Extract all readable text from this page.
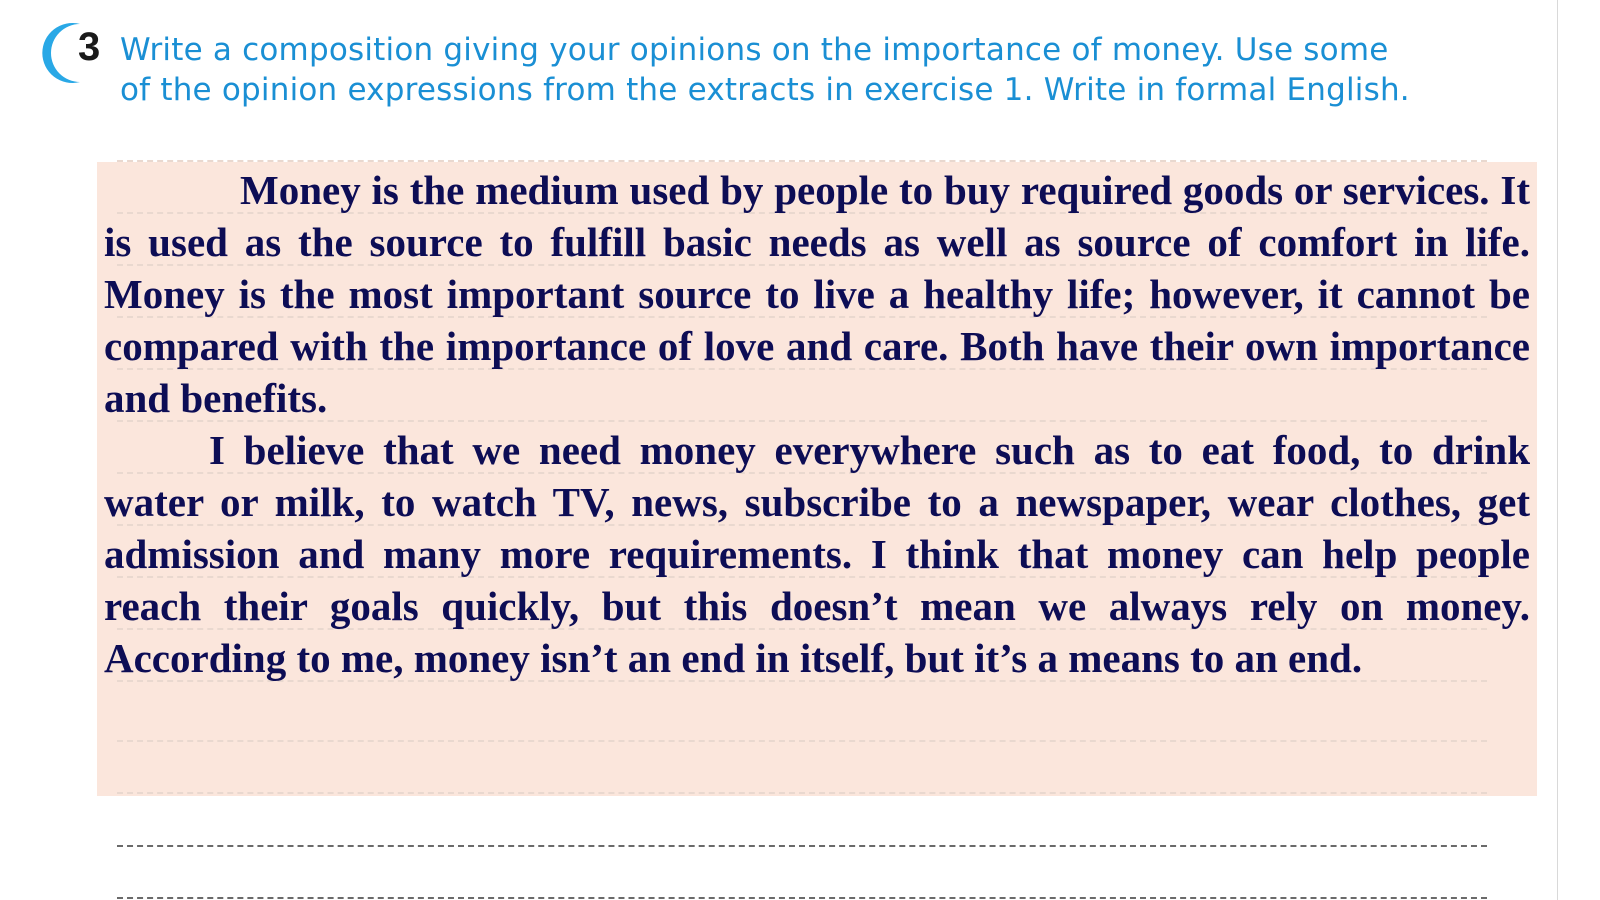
3 Write a composition giving your opinions on the importance of money. Use some
of the opinion expressions from the extracts in exercise 1. Write in formal English.

Money is the medium used by people to buy required goods or services. It is used as the source to fulfill basic needs as well as source of comfort in life. Money is the most important source to live a healthy life; however, it cannot be compared with the importance of love and care. Both have their own importance and benefits.

I believe that we need money everywhere such as to eat food, to drink water or milk, to watch TV, news, subscribe to a newspaper, wear clothes, get admission and many more requirements. I think that money can help people reach their goals quickly, but this doesn’t mean we always rely on money. According to me, money isn’t an end in itself, but it’s a means to an end.
